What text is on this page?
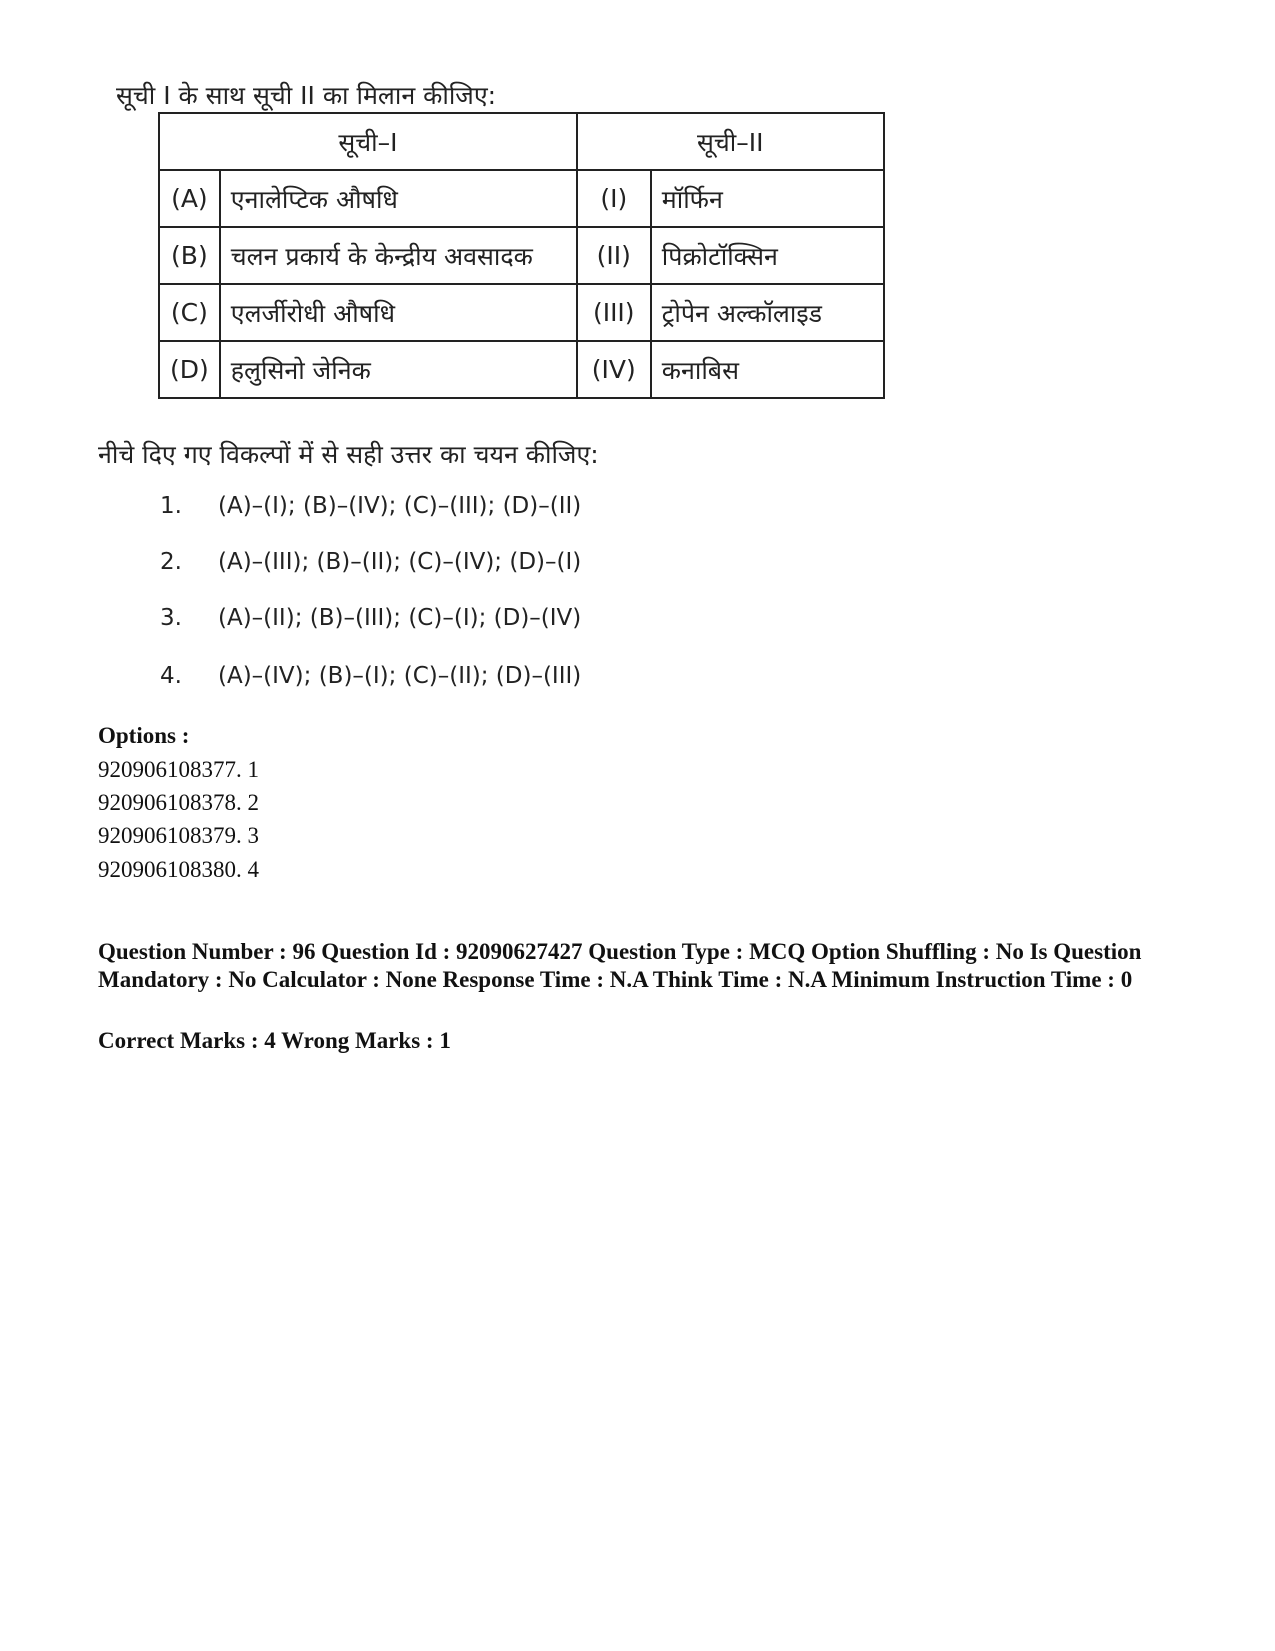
सूची I के साथ सूची II का मिलान कीजिए:
सूची–I		सूची–II	
(A)	एनालेप्टिक औषधि	(I)	मॉर्फिन
(B)	चलन प्रकार्य के केन्द्रीय अवसादक	(II)	पिक्रोटॉक्सिन
(C)	एलर्जीरोधी औषधि	(III)	ट्रोपेन अल्कॉलाइड
(D)	हलुसिनो जेनिक	(IV)	कनाबिस
नीचे दिए गए विकल्पों में से सही उत्तर का चयन कीजिए:
1. (A)–(I); (B)–(IV); (C)–(III); (D)–(II)
2. (A)–(III); (B)–(II); (C)–(IV); (D)–(I)
3. (A)–(II); (B)–(III); (C)–(I); (D)–(IV)
4. (A)–(IV); (B)–(I); (C)–(II); (D)–(III)
Options :
920906108377. 1
920906108378. 2
920906108379. 3
920906108380. 4
Question Number : 96 Question Id : 92090627427 Question Type : MCQ Option Shuffling : No Is Question Mandatory : No Calculator : None Response Time : N.A Think Time : N.A Minimum Instruction Time : 0
Correct Marks : 4 Wrong Marks : 1
